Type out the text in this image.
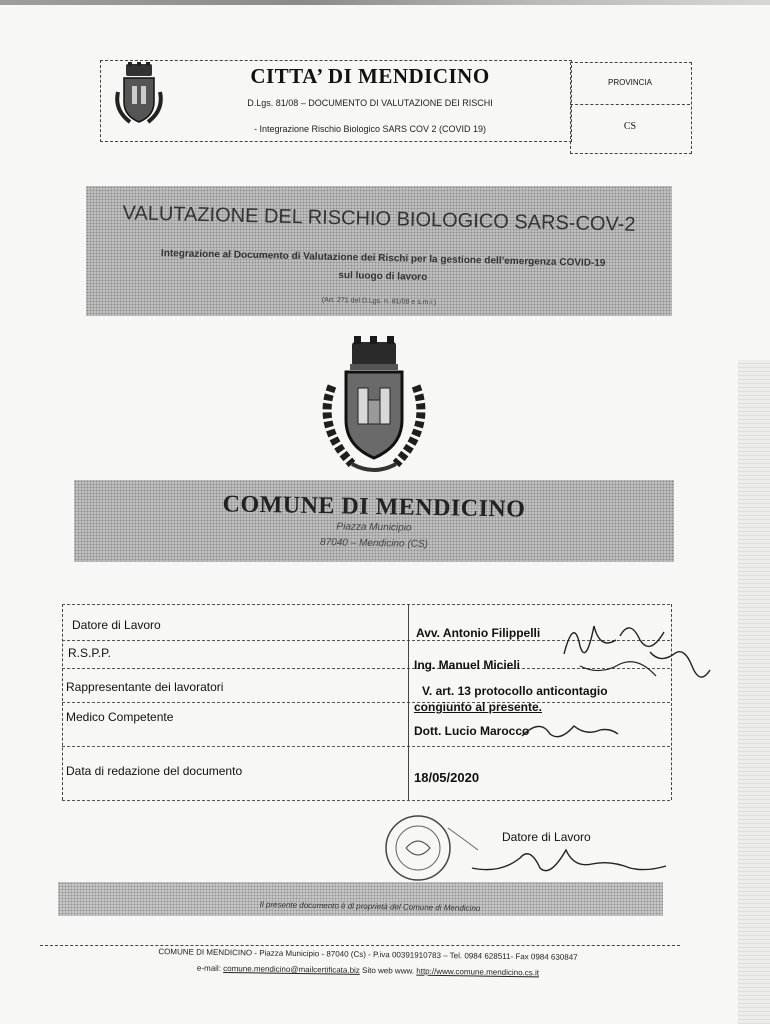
CITTA’ DI MENDICINO
D.Lgs. 81/08 – DOCUMENTO DI VALUTAZIONE DEI RISCHI
- Integrazione Rischio Biologico SARS COV 2 (COVID 19)
PROVINCIA
CS
VALUTAZIONE DEL RISCHIO BIOLOGICO SARS-COV-2
Integrazione al Documento di Valutazione dei Rischi per la gestione dell’emergenza COVID-19
sul luogo di lavoro
(Art. 271 del D.Lgs. n. 81/08 e s.m.i.)
COMUNE DI MENDICINO
Piazza Municipio
87040 – Mendicino (CS)
Datore di Lavoro
Avv. Antonio Filippelli
R.S.P.P.
Ing. Manuel Micieli
Rappresentante dei lavoratori	V. art. 13 protocollo anticontagio
congiunto al presente.
Medico Competente
Dott. Lucio Marocco
Data di redazione del documento	18/05/2020
Datore di Lavoro
Il presente documento è di proprietà del Comune di Mendicino
COMUNE DI MENDICINO - Piazza Municipio - 87040 (Cs) - P.iva 00391910783 – Tel. 0984 628511- Fax 0984 630847
e-mail: comune.mendicino@mailcertificata.biz Sito web www. http://www.comune.mendicino.cs.it
